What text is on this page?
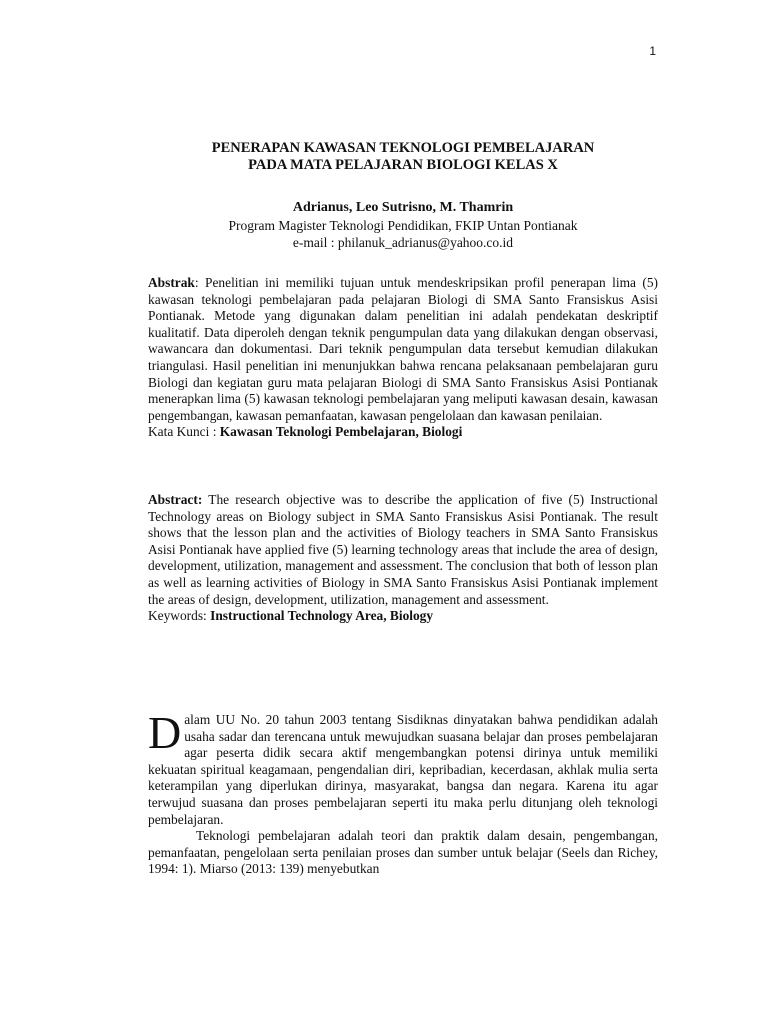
1

PENERAPAN KAWASAN TEKNOLOGI PEMBELAJARAN

PADA MATA PELAJARAN BIOLOGI KELAS X

Adrianus, Leo Sutrisno, M. Thamrin
Program Magister Teknologi Pendidikan, FKIP Untan Pontianak
e-mail : philanuk_adrianus@yahoo.co.id

Abstrak: Penelitian ini memiliki tujuan untuk mendeskripsikan profil penerapan lima (5) kawasan teknologi pembelajaran pada pelajaran Biologi di SMA Santo Fransiskus Asisi Pontianak. Metode yang digunakan dalam penelitian ini adalah pendekatan deskriptif kualitatif. Data diperoleh dengan teknik pengumpulan data yang dilakukan dengan observasi, wawancara dan dokumentasi. Dari teknik pengumpulan data tersebut kemudian dilakukan triangulasi. Hasil penelitian ini menunjukkan bahwa rencana pelaksanaan pembelajaran guru Biologi dan kegiatan guru mata pelajaran Biologi di SMA Santo Fransiskus Asisi Pontianak menerapkan lima (5) kawasan teknologi pembelajaran yang meliputi kawasan desain, kawasan pengembangan, kawasan pemanfaatan, kawasan pengelolaan dan kawasan penilaian.

Kata Kunci : Kawasan Teknologi Pembelajaran, Biologi

Abstract: The research objective was to describe the application of five (5) Instructional Technology areas on Biology subject in SMA Santo Fransiskus Asisi Pontianak. The result shows that the lesson plan and the activities of Biology teachers in SMA Santo Fransiskus Asisi Pontianak have applied five (5) learning technology areas that include the area of design, development, utilization, management and assessment. The conclusion that both of lesson plan as well as learning activities of Biology in SMA Santo Fransiskus Asisi Pontianak implement the areas of design, development, utilization, management and assessment.

Keywords: Instructional Technology Area, Biology

Dalam UU No. 20 tahun 2003 tentang Sisdiknas dinyatakan bahwa pendidikan adalah usaha sadar dan terencana untuk mewujudkan suasana belajar dan proses pembelajaran agar peserta didik secara aktif mengembangkan potensi dirinya untuk memiliki kekuatan spiritual keagamaan, pengendalian diri, kepribadian, kecerdasan, akhlak mulia serta keterampilan yang diperlukan dirinya, masyarakat, bangsa dan negara. Karena itu agar terwujud suasana dan proses pembelajaran seperti itu maka perlu ditunjang oleh teknologi pembelajaran.

Teknologi pembelajaran adalah teori dan praktik dalam desain, pengembangan, pemanfaatan, pengelolaan serta penilaian proses dan sumber untuk belajar (Seels dan Richey, 1994: 1). Miarso (2013: 139) menyebutkan
